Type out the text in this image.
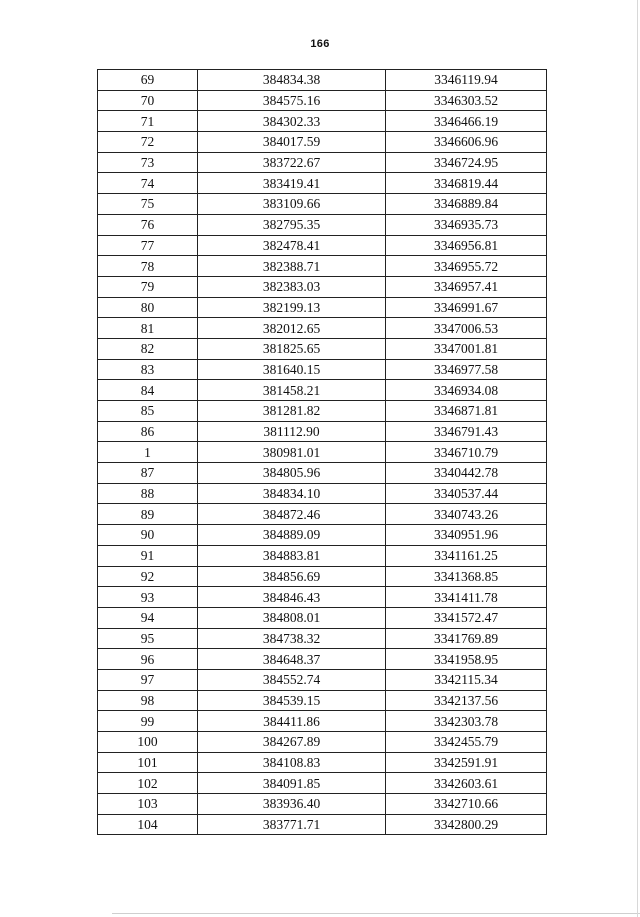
166
69	384834.38	3346119.94
70	384575.16	3346303.52
71	384302.33	3346466.19
72	384017.59	3346606.96
73	383722.67	3346724.95
74	383419.41	3346819.44
75	383109.66	3346889.84
76	382795.35	3346935.73
77	382478.41	3346956.81
78	382388.71	3346955.72
79	382383.03	3346957.41
80	382199.13	3346991.67
81	382012.65	3347006.53
82	381825.65	3347001.81
83	381640.15	3346977.58
84	381458.21	3346934.08
85	381281.82	3346871.81
86	381112.90	3346791.43
1	380981.01	3346710.79
87	384805.96	3340442.78
88	384834.10	3340537.44
89	384872.46	3340743.26
90	384889.09	3340951.96
91	384883.81	3341161.25
92	384856.69	3341368.85
93	384846.43	3341411.78
94	384808.01	3341572.47
95	384738.32	3341769.89
96	384648.37	3341958.95
97	384552.74	3342115.34
98	384539.15	3342137.56
99	384411.86	3342303.78
100	384267.89	3342455.79
101	384108.83	3342591.91
102	384091.85	3342603.61
103	383936.40	3342710.66
104	383771.71	3342800.29
